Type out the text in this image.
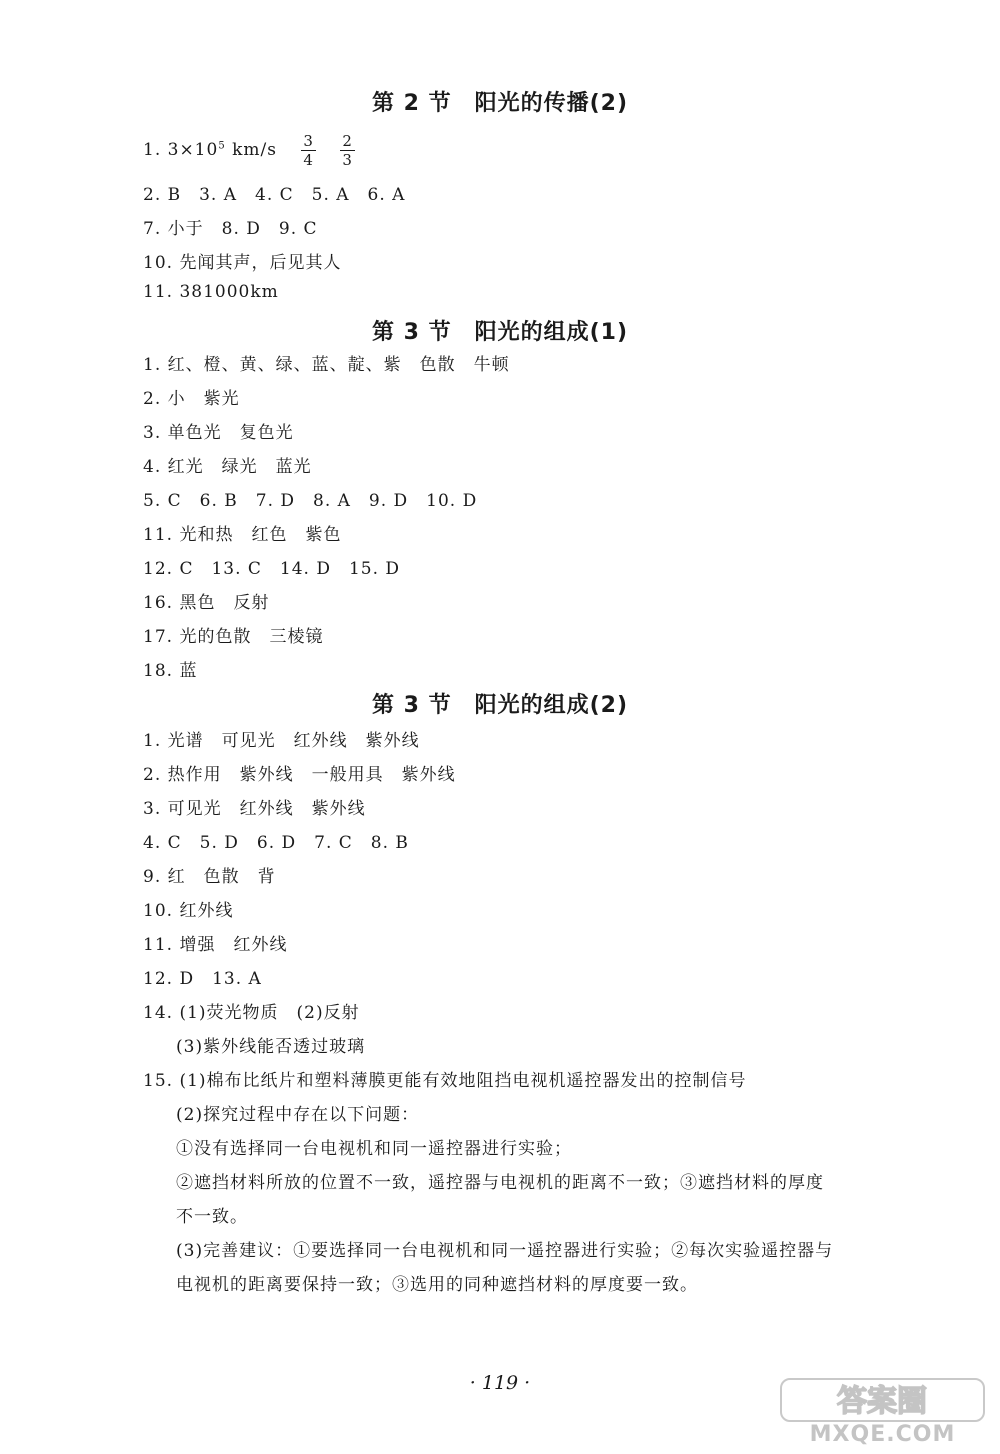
第 2 节　阳光的传播(2)
1. $3\times 10^5$ $km/s \frac{3}{4}$
$\frac{2}{3}$
2. B　3. A　4. C　5. A　6. A
7. 小于　8. D　9. C
10. 先闻其声，后见其人
11. 381000km
第 3 节　阳光的组成(1)
1. 红、橙、黄、绿、蓝、靛、紫　色散　牛顿
2. 小　紫光
3. 单色光　复色光
4. 红光　绿光　蓝光
5. C　6. B　7. D　8. A　9. D　10. D
11. 光和热　红色　紫色
12. C　13. C　14. D　15. D
16. 黑色　反射
17. 光的色散　三棱镜
18. 蓝
第 3 节　阳光的组成(2)
1. 光谱　可见光　红外线　紫外线
2. 热作用　紫外线　一般用具　紫外线
3. 可见光　红外线　紫外线
4. C　5. D　6. D　7. C　8. B
9. 红　色散　背
10. 红外线
11. 增强　红外线
12. D　13. A
14. (1)荧光物质　(2)反射
(3)紫外线能否透过玻璃
15. (1)棉布比纸片和塑料薄膜更能有效地阻挡电视机遥控器发出的控制信号
(2)探究过程中存在以下问题：
①没有选择同一台电视机和同一遥控器进行实验；
②遮挡材料所放的位置不一致，遥控器与电视机的距离不一致；③遮挡材料的厚度
不一致。
(3)完善建议：①要选择同一台电视机和同一遥控器进行实验；②每次实验遥控器与
电视机的距离要保持一致；③选用的同种遮挡材料的厚度要一致。
· 119 ·
答案圈
MXQE.COM
